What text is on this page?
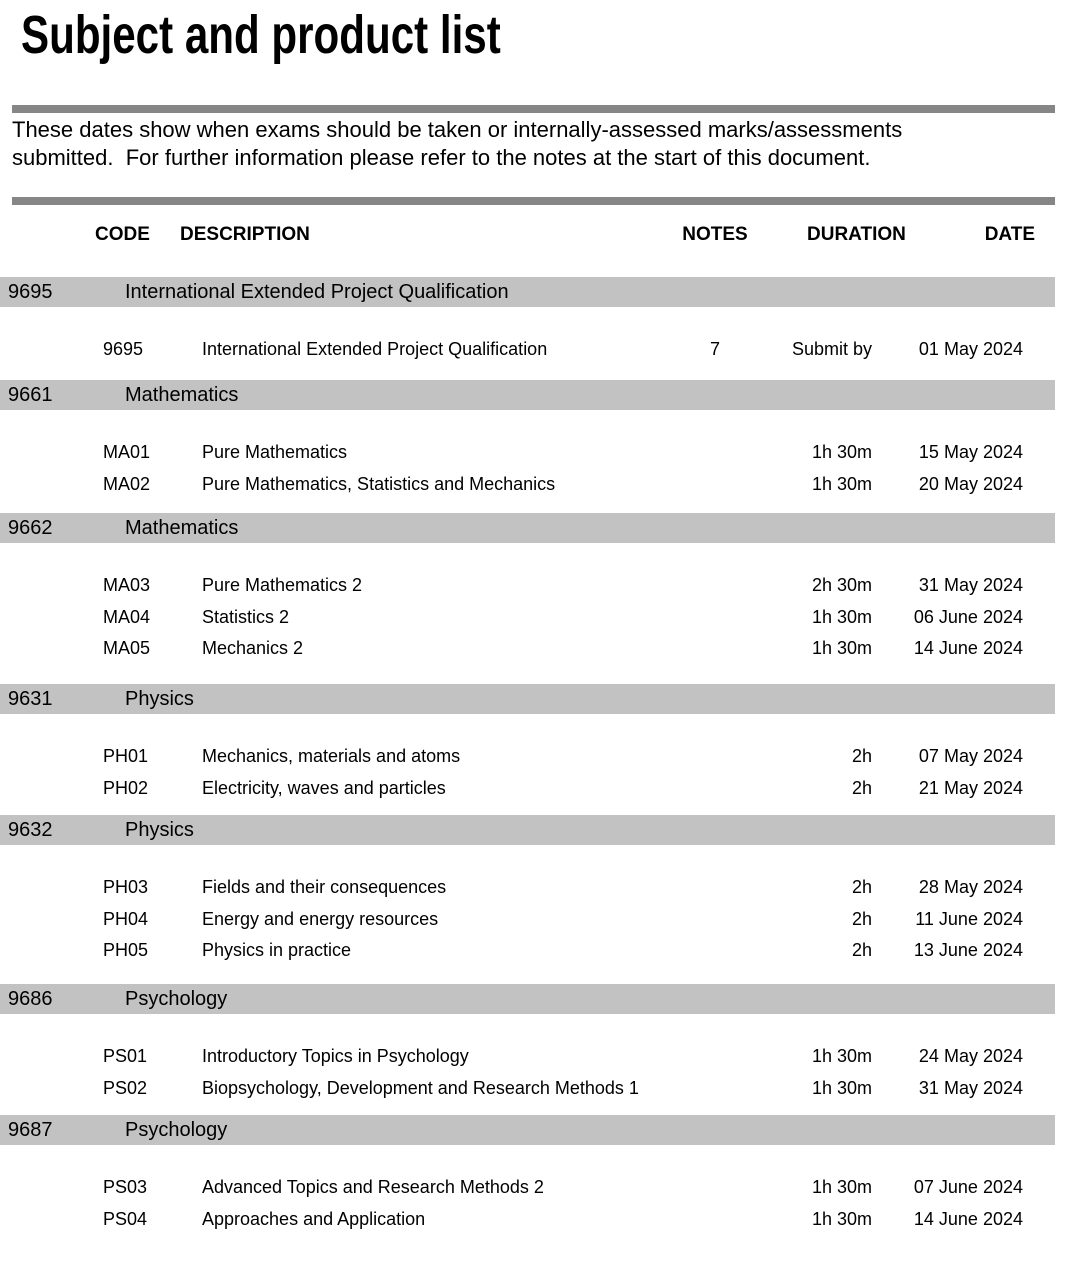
Subject and product list

These dates show when exams should be taken or internally-assessed marks/assessments
submitted.  For further information please refer to the notes at the start of this document.

CODE DESCRIPTION	NOTES	DURATION	DATE
9695	International Extended Project Qualification
9695	International Extended Project Qualification	7	Submit by	01 May 2024
9661	Mathematics
MA01	Pure Mathematics	1h 30m	15 May 2024
MA02	Pure Mathematics, Statistics and Mechanics	1h 30m	20 May 2024
9662	Mathematics
MA03	Pure Mathematics 2	2h 30m	31 May 2024
MA04	Statistics 2	1h 30m	06 June 2024
MA05	Mechanics 2	1h 30m	14 June 2024
9631	Physics
PH01	Mechanics, materials and atoms	2h	07 May 2024
PH02	Electricity, waves and particles	2h	21 May 2024
9632	Physics
PH03	Fields and their consequences	2h	28 May 2024
PH04	Energy and energy resources	2h	11 June 2024
PH05	Physics in practice	2h	13 June 2024
9686	Psychology
PS01	Introductory Topics in Psychology	1h 30m	24 May 2024
PS02	Biopsychology, Development and Research Methods 1	1h 30m	31 May 2024
9687	Psychology
PS03	Advanced Topics and Research Methods 2	1h 30m	07 June 2024
PS04	Approaches and Application	1h 30m	14 June 2024
